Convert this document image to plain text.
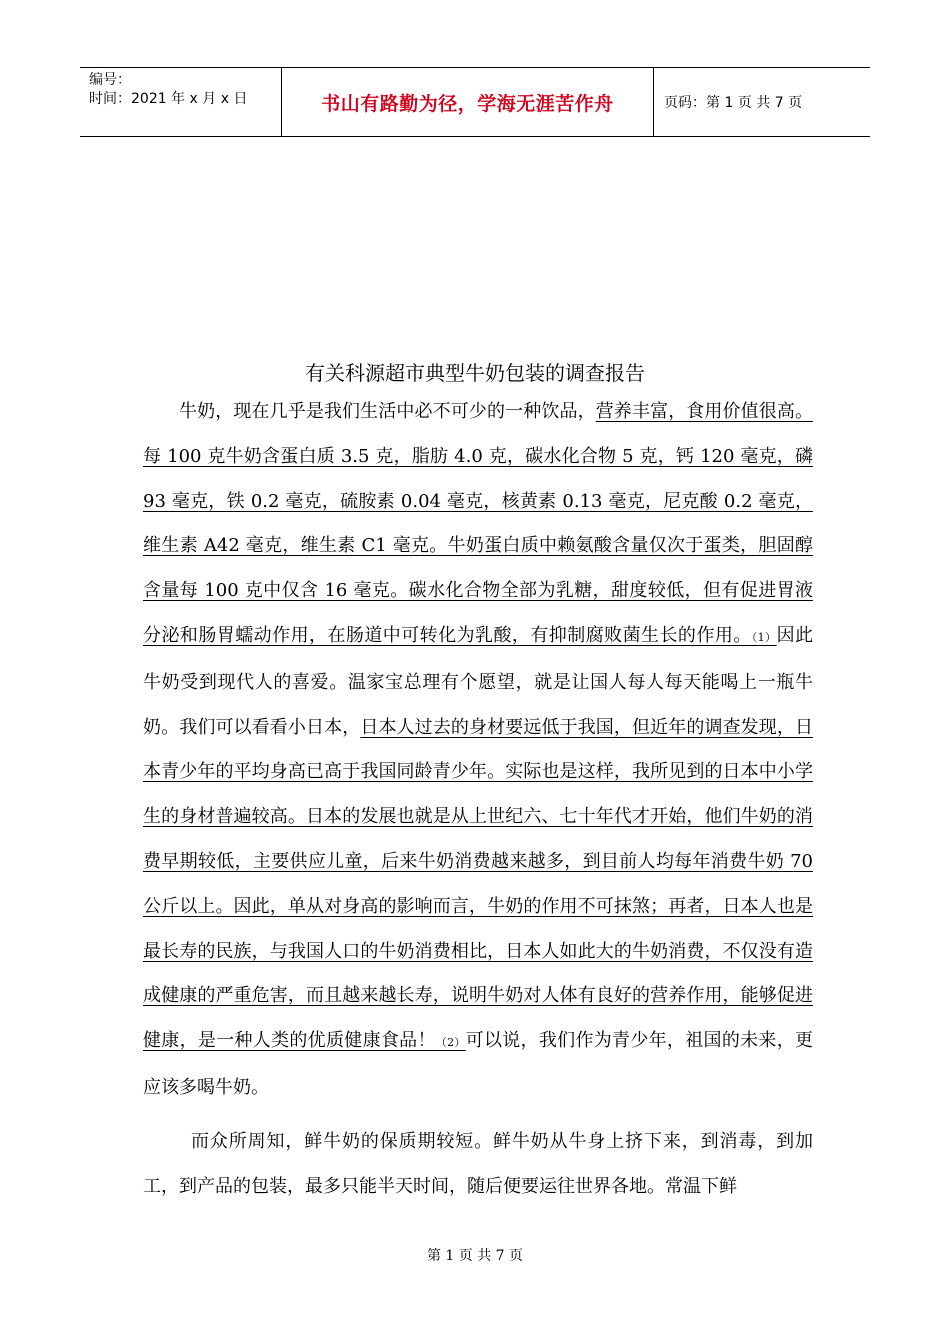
编号：
时间：2021 年 x 月 x 日	书山有路勤为径，学海无涯苦作舟	页码：第 1 页 共 7 页
有关科源超市典型牛奶包装的调查报告

牛奶，现在几乎是我们生活中必不可少的一种饮品，营养丰富，食用价值很高。每 100 克牛奶含蛋白质 3.5 克，脂肪 4.0 克，碳水化合物 5 克，钙 120 毫克，磷 93 毫克，铁 0.2 毫克，硫胺素 0.04 毫克，核黄素 0.13 毫克，尼克酸 0.2 毫克，维生素 A42 毫克，维生素 C1 毫克。牛奶蛋白质中赖氨酸含量仅次于蛋类，胆固醇含量每 100 克中仅含 16 毫克。碳水化合物全部为乳糖，甜度较低，但有促进胃液分泌和肠胃蠕动作用，在肠道中可转化为乳酸，有抑制腐败菌生长的作用。（1）因此牛奶受到现代人的喜爱。温家宝总理有个愿望，就是让国人每人每天能喝上一瓶牛奶。我们可以看看小日本，日本人过去的身材要远低于我国，但近年的调查发现，日本青少年的平均身高已高于我国同龄青少年。实际也是这样，我所见到的日本中小学生的身材普遍较高。日本的发展也就是从上世纪六、七十年代才开始，他们牛奶的消费早期较低，主要供应儿童，后来牛奶消费越来越多，到目前人均每年消费牛奶 70 公斤以上。因此，单从对身高的影响而言，牛奶的作用不可抹煞；再者，日本人也是最长寿的民族，与我国人口的牛奶消费相比，日本人如此大的牛奶消费，不仅没有造成健康的严重危害，而且越来越长寿，说明牛奶对人体有良好的营养作用，能够促进健康，是一种人类的优质健康食品！（2）可以说，我们作为青少年，祖国的未来，更应该多喝牛奶。

而众所周知，鲜牛奶的保质期较短。鲜牛奶从牛身上挤下来，到消毒，到加工，到产品的包装，最多只能半天时间，随后便要运往世界各地。常温下鲜

第 1 页 共 7 页
